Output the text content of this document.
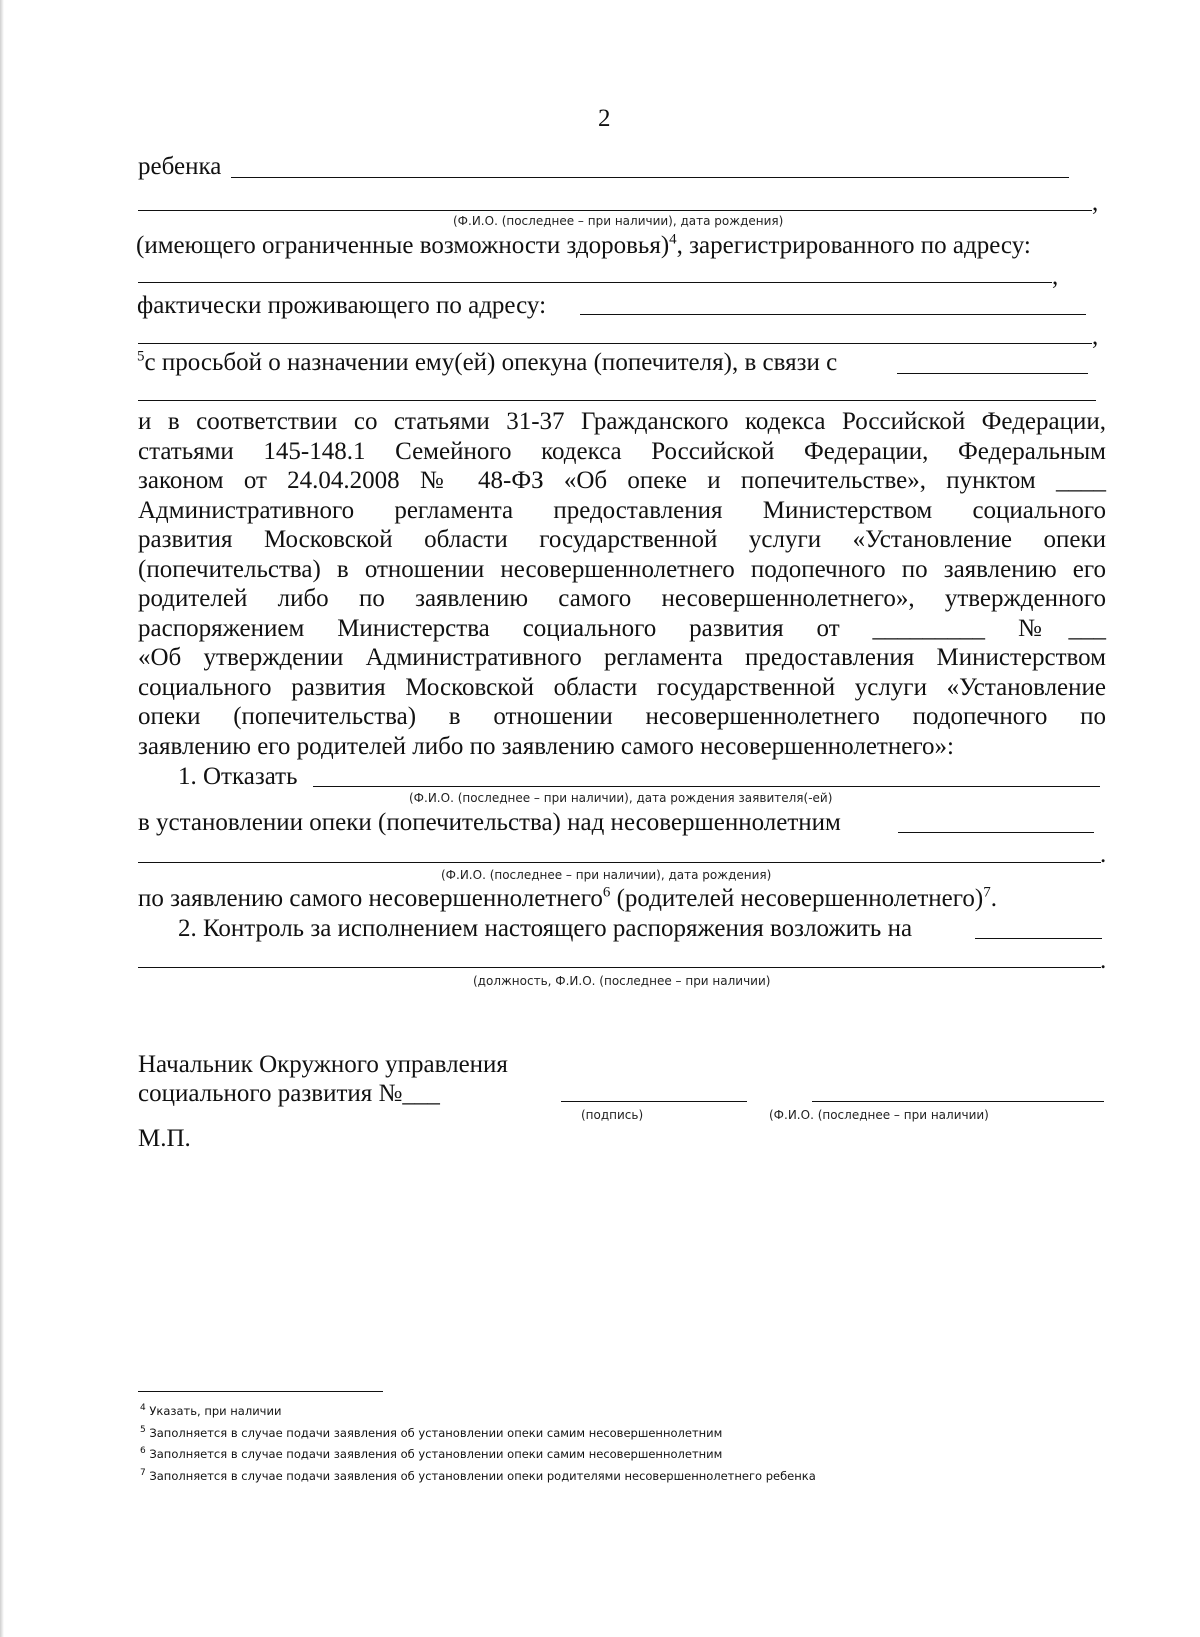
2
ребенка
,
(Ф.И.О. (последнее – при наличии), дата рождения)
(имеющего ограниченные возможности здоровья)$^4$, зарегистрированного по адресу:
,
фактически проживающего по адресу:
,
$^5$с просьбой о назначении ему(ей) опекуна (попечителя), в связи с
и в соответствии со статьями 31-37 Гражданского кодекса Российской Федерации,
статьями 145-148.1 Семейного кодекса Российской Федерации, Федеральным
законом от 24.04.2008 № 48-ФЗ «Об опеке и попечительстве», пунктом ____
Административного регламента предоставления Министерством социального
развития Московской области государственной услуги «Установление опеки
(попечительства) в отношении несовершеннолетнего подопечного по заявлению его
родителей либо по заявлению самого несовершеннолетнего», утвержденного
распоряжением Министерства социального развития от _________ №___
«Об утверждении Административного регламента предоставления Министерством
социального развития Московской области государственной услуги «Установление
опеки (попечительства) в отношении несовершеннолетнего подопечного по
заявлению его родителей либо по заявлению самого несовершеннолетнего»:
1. Отказать
(Ф.И.О. (последнее – при наличии), дата рождения заявителя(-ей)
в установлении опеки (попечительства) над несовершеннолетним
.
(Ф.И.О. (последнее – при наличии), дата рождения)
по заявлению самого несовершеннолетнего$^6$ (родителей несовершеннолетнего)$^7$.
2. Контроль за исполнением настоящего распоряжения возложить на
.
(должность, Ф.И.О. (последнее – при наличии)
Начальник Окружного управления
социального развития №___
(подпись)	(Ф.И.О. (последнее – при наличии)
М.П.
$^4$ Указать, при наличии
$^5$ Заполняется в случае подачи заявления об установлении опеки самим несовершеннолетним
$^6$ Заполняется в случае подачи заявления об установлении опеки самим несовершеннолетним
$^7$ Заполняется в случае подачи заявления об установлении опеки родителями несовершеннолетнего ребенка
